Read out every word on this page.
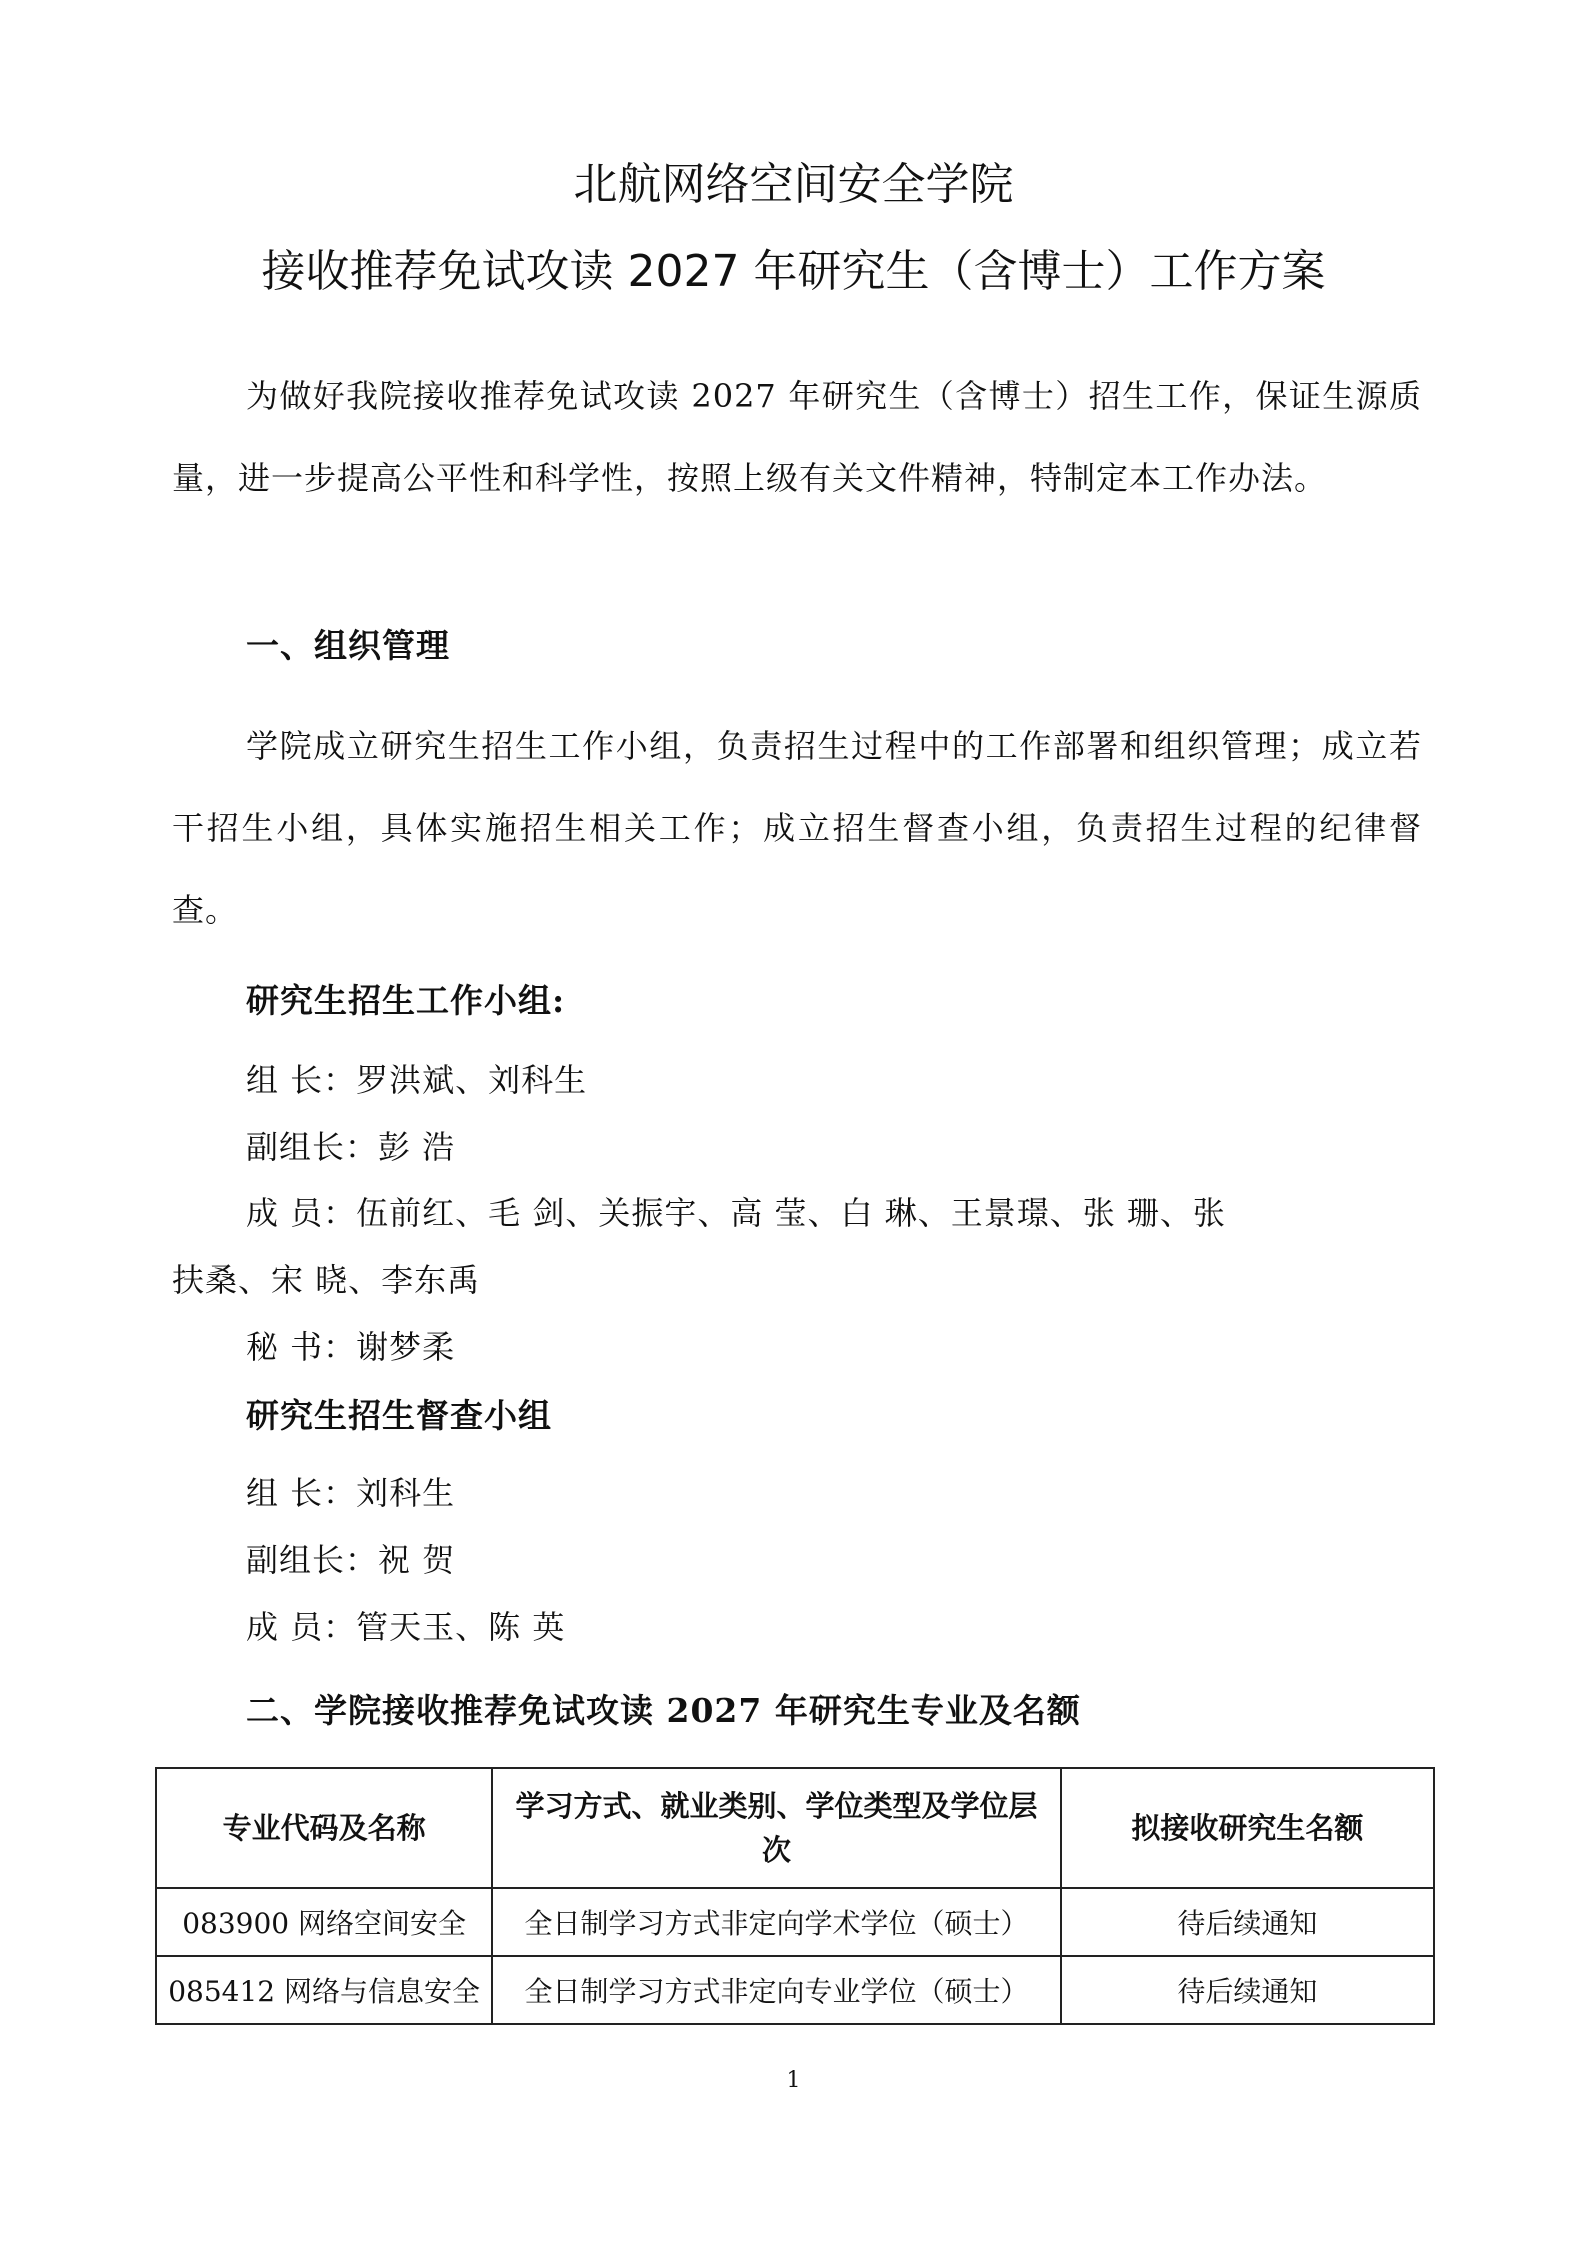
北航网络空间安全学院
接收推荐免试攻读 2027 年研究生（含博士）工作方案
为做好我院接收推荐免试攻读 2027 年研究生（含博士）招生工作，保证生源质量，进一步提高公平性和科学性，按照上级有关文件精神，特制定本工作办法。
一、组织管理
学院成立研究生招生工作小组，负责招生过程中的工作部署和组织管理；成立若干招生小组，具体实施招生相关工作；成立招生督查小组，负责招生过程的纪律督查。
研究生招生工作小组:
组 长：罗洪斌、刘科生
副组长：彭 浩
成 员：伍前红、毛 剑、关振宇、高 莹、白 琳、王景璟、张 珊、张
扶桑、宋 晓、李东禹
秘 书：谢梦柔
研究生招生督查小组
组 长：刘科生
副组长：祝 贺
成 员：管天玉、陈 英
二、学院接收推荐免试攻读 2027 年研究生专业及名额
专业代码及名称	学习方式、就业类别、学位类型及学位层次	拟接收研究生名额
083900 网络空间安全	全日制学习方式非定向学术学位（硕士）	待后续通知
085412 网络与信息安全	全日制学习方式非定向专业学位（硕士）	待后续通知
1
